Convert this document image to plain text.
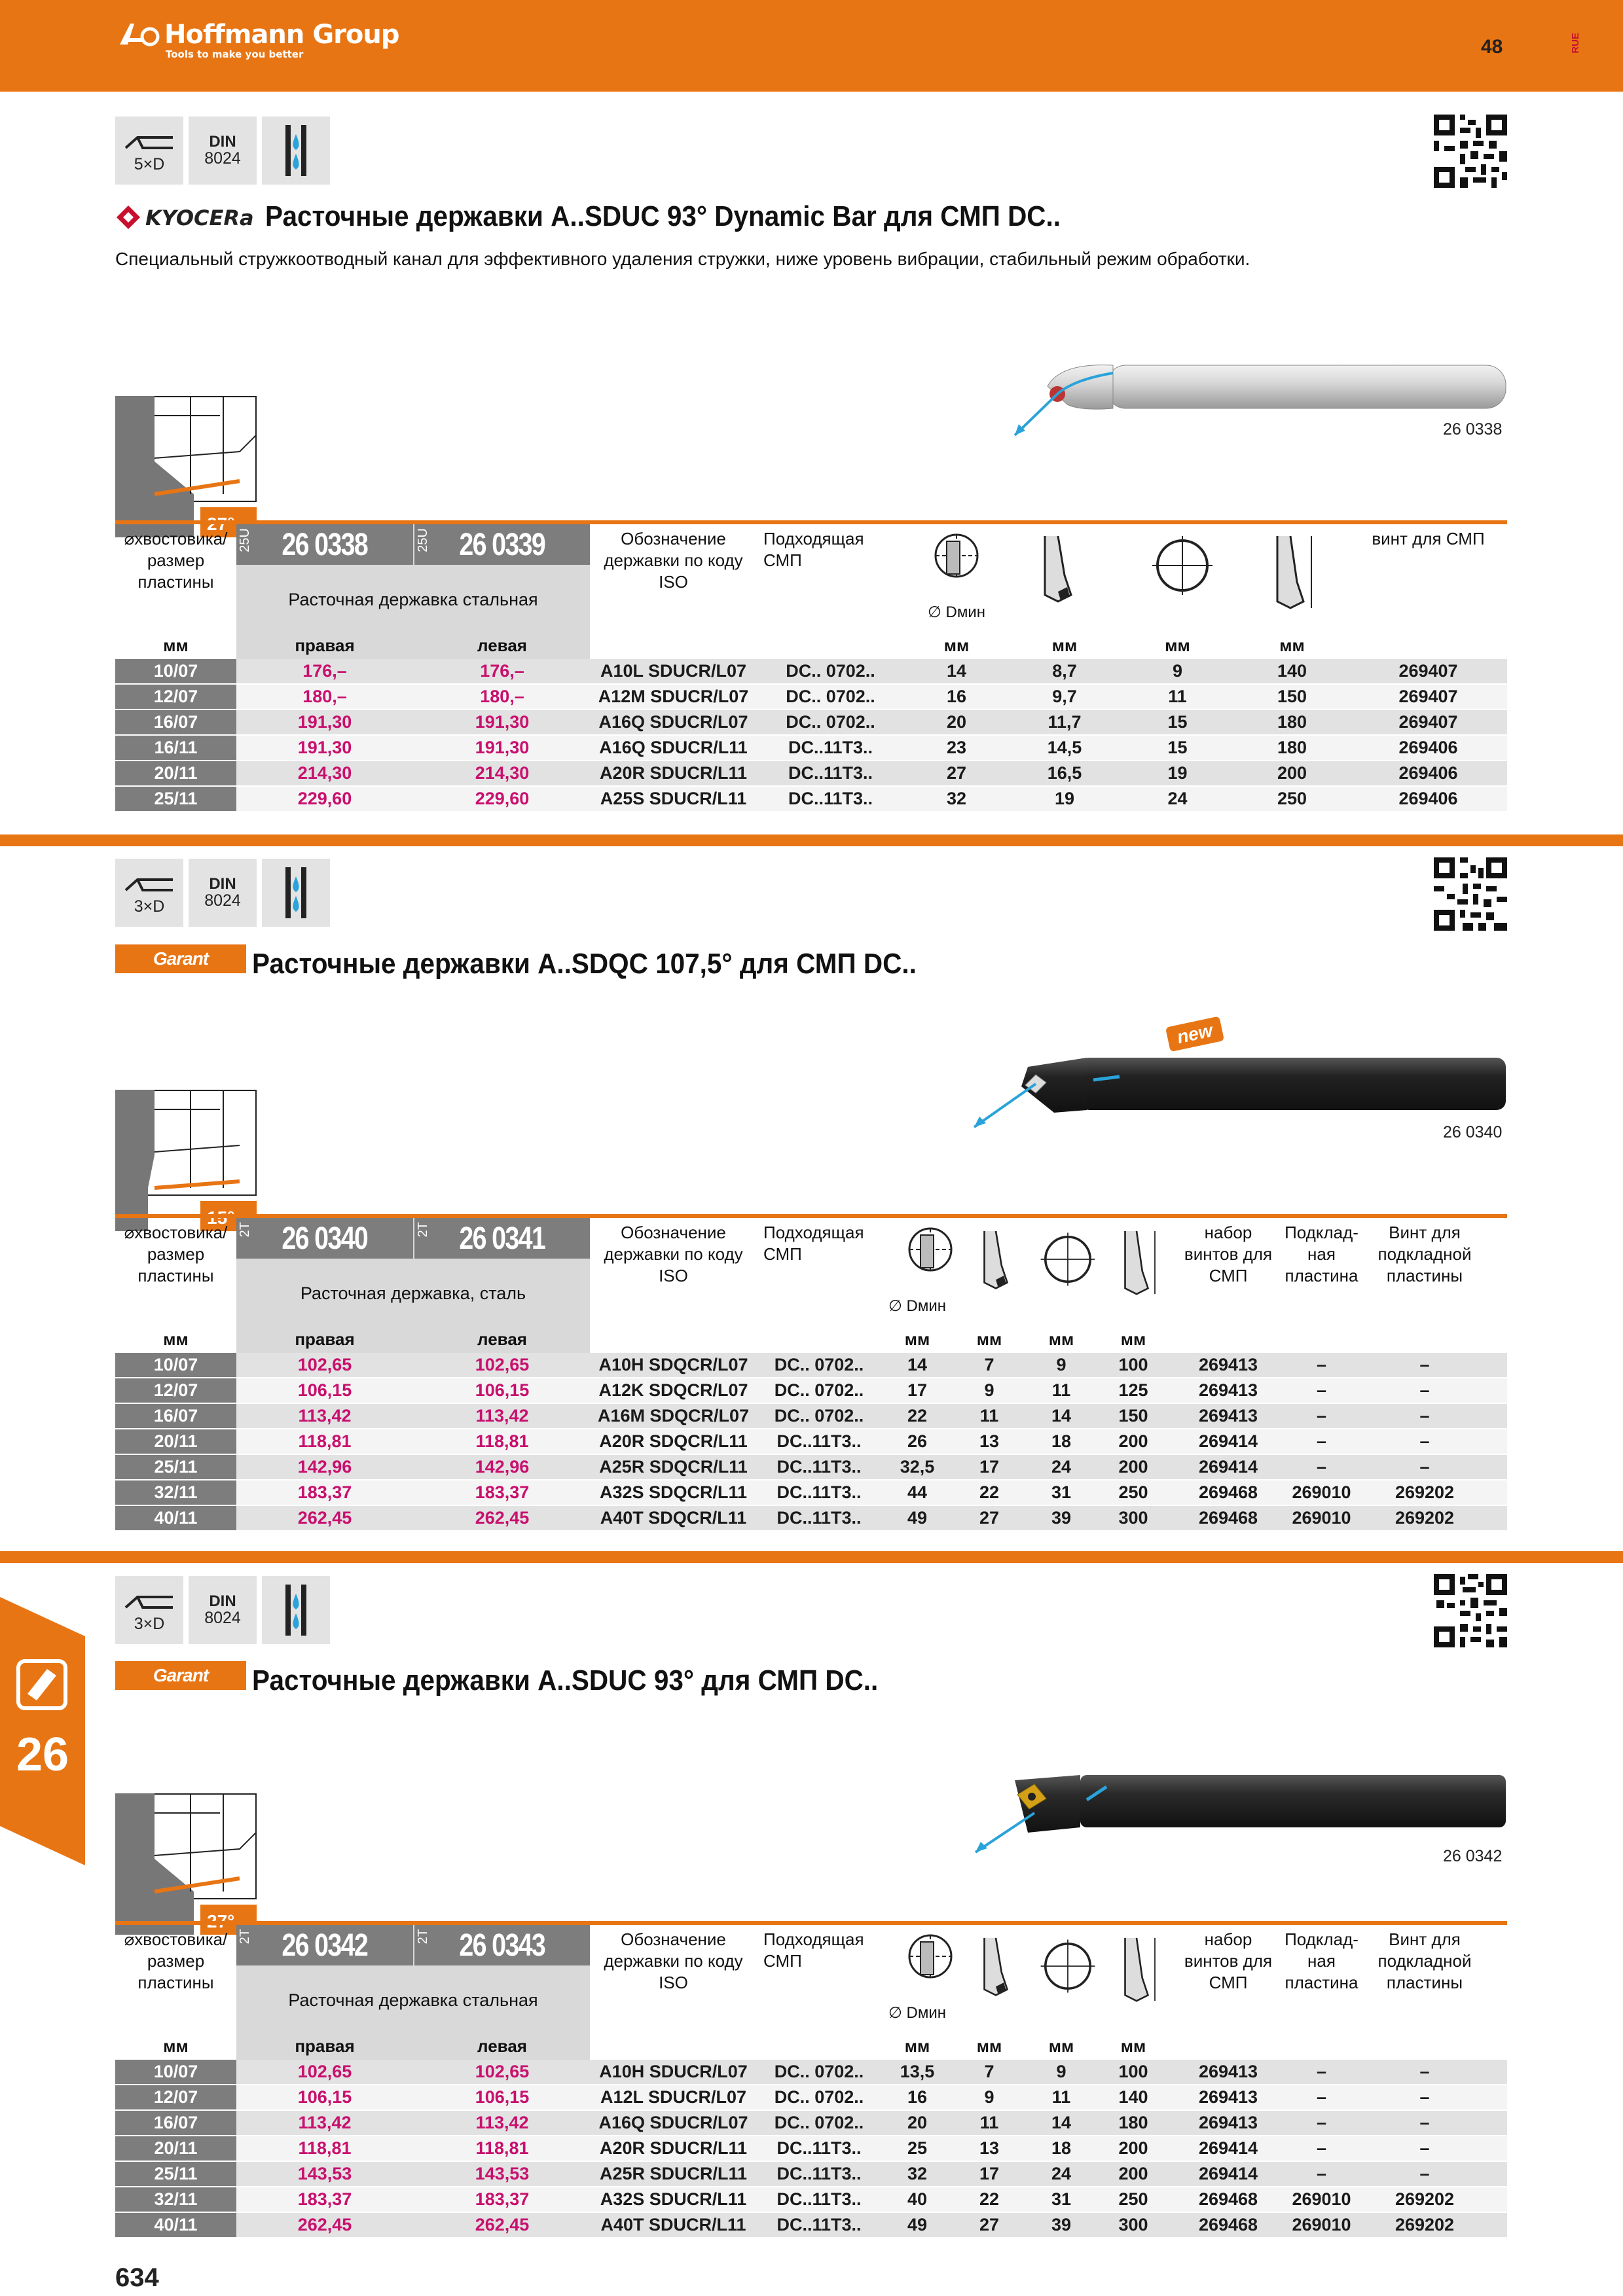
Hoffmann Group
Tools to make you better	48	RUE
26
634
5×D
DIN
8024
KYOCERa Расточные державки A..SDUC 93° Dynamic Bar для СМП DC..
Специальный стружкоотводный канал для эффективного удаления стружки, ниже уровень вибрации, стабильный режим обработки.
26 0338
27°
⌀хвостовика/ размер пластины
25U 26 0338	25U 26 0339
Расточная державка стальная
Обозначение державки по коду ISO
Подходящая СМП
∅ Dмин
винт для СМП
мм	правая	левая	мм	мм	мм	мм
10/07	176,–	176,–	A10L SDUCR/L07	DC.. 0702..	14	8,7	9	140	269407
12/07	180,–	180,–	A12M SDUCR/L07	DC.. 0702..	16	9,7	11	150	269407
16/07	191,30	191,30	A16Q SDUCR/L07	DC.. 0702..	20	11,7	15	180	269407
16/11	191,30	191,30	A16Q SDUCR/L11	DC..11T3..	23	14,5	15	180	269406
20/11	214,30	214,30	A20R SDUCR/L11	DC..11T3..	27	16,5	19	200	269406
25/11	229,60	229,60	A25S SDUCR/L11	DC..11T3..	32	19	24	250	269406
3×D
DIN
8024
Garant Расточные державки A..SDQC 107,5° для СМП DC..
new
26 0340
15°
⌀хвостовика/ размер пластины
2T 26 0340	2T 26 0341
Расточная державка, сталь
Обозначение державки по коду ISO
Подходящая СМП
∅ Dмин
набор винтов для СМП
Подклад- ная пластина
Винт для подкладной пластины
мм	правая	левая	мм	мм	мм	мм
10/07	102,65	102,65	A10H SDQCR/L07	DC.. 0702..	14	7	9	100	269413	–	–
12/07	106,15	106,15	A12K SDQCR/L07	DC.. 0702..	17	9	11	125	269413	–	–
16/07	113,42	113,42	A16M SDQCR/L07	DC.. 0702..	22	11	14	150	269413	–	–
20/11	118,81	118,81	A20R SDQCR/L11	DC..11T3..	26	13	18	200	269414	–	–
25/11	142,96	142,96	A25R SDQCR/L11	DC..11T3..	32,5	17	24	200	269414	–	–
32/11	183,37	183,37	A32S SDQCR/L11	DC..11T3..	44	22	31	250	269468	269010	269202
40/11	262,45	262,45	A40T SDQCR/L11	DC..11T3..	49	27	39	300	269468	269010	269202
3×D
DIN
8024
Garant Расточные державки A..SDUC 93° для СМП DC..
26 0342
27°
⌀хвостовика/ размер пластины
2T 26 0342	2T 26 0343
Расточная державка стальная
Обозначение державки по коду ISO
Подходящая СМП
∅ Dмин
набор винтов для СМП
Подклад- ная пластина
Винт для подкладной пластины
мм	правая	левая	мм	мм	мм	мм
10/07	102,65	102,65	A10H SDUCR/L07	DC.. 0702..	13,5	7	9	100	269413	–	–
12/07	106,15	106,15	A12L SDUCR/L07	DC.. 0702..	16	9	11	140	269413	–	–
16/07	113,42	113,42	A16Q SDUCR/L07	DC.. 0702..	20	11	14	180	269413	–	–
20/11	118,81	118,81	A20R SDUCR/L11	DC..11T3..	25	13	18	200	269414	–	–
25/11	143,53	143,53	A25R SDUCR/L11	DC..11T3..	32	17	24	200	269414	–	–
32/11	183,37	183,37	A32S SDUCR/L11	DC..11T3..	40	22	31	250	269468	269010	269202
40/11	262,45	262,45	A40T SDUCR/L11	DC..11T3..	49	27	39	300	269468	269010	269202
